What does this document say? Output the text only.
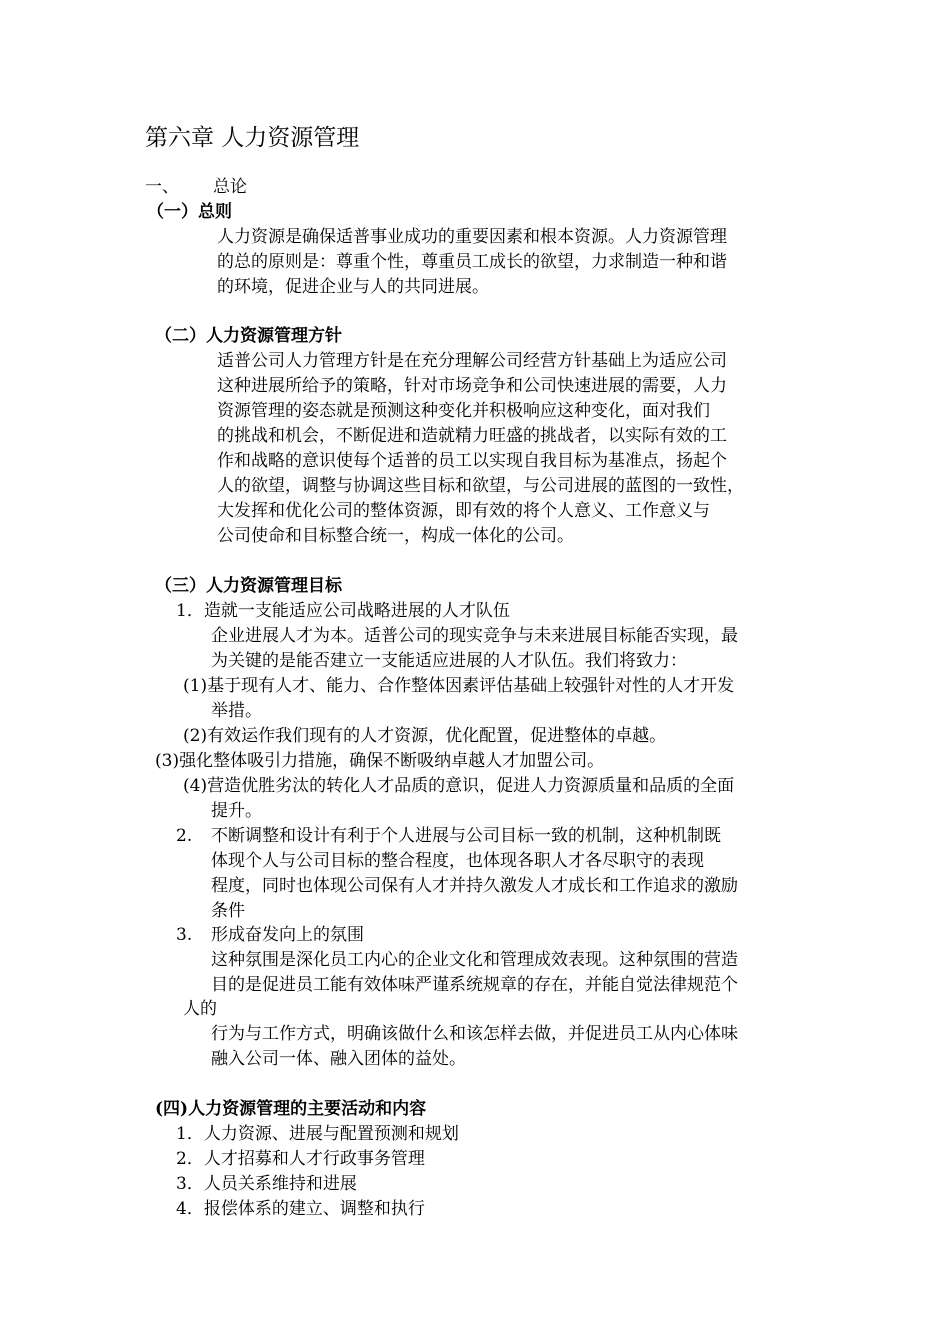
第六章 人力资源管理
一、 总论
（一）总则
人力资源是确保适普事业成功的重要因素和根本资源。人力资源管理
的总的原则是：尊重个性，尊重员工成长的欲望，力求制造一种和谐
的环境，促进企业与人的共同进展。
（二）人力资源管理方针
适普公司人力管理方针是在充分理解公司经营方针基础上为适应公司
这种进展所给予的策略，针对市场竞争和公司快速进展的需要，人力
资源管理的姿态就是预测这种变化并积极响应这种变化，面对我们
的挑战和机会，不断促进和造就精力旺盛的挑战者，以实际有效的工
作和战略的意识使每个适普的员工以实现自我目标为基准点，扬起个
人的欲望，调整与协调这些目标和欲望，与公司进展的蓝图的一致性，
大发挥和优化公司的整体资源，即有效的将个人意义、工作意义与
公司使命和目标整合统一，构成一体化的公司。
（三）人力资源管理目标
1．造就一支能适应公司战略进展的人才队伍
企业进展人才为本。适普公司的现实竞争与未来进展目标能否实现，最
为关键的是能否建立一支能适应进展的人才队伍。我们将致力：
(1)基于现有人才、能力、合作整体因素评估基础上较强针对性的人才开发
举措。
(2)有效运作我们现有的人才资源，优化配置，促进整体的卓越。
(3)强化整体吸引力措施，确保不断吸纳卓越人才加盟公司。
(4)营造优胜劣汰的转化人才品质的意识，促进人力资源质量和品质的全面
提升。
2. 不断调整和设计有利于个人进展与公司目标一致的机制，这种机制既
体现个人与公司目标的整合程度，也体现各职人才各尽职守的表现
程度，同时也体现公司保有人才并持久激发人才成长和工作追求的激励
条件
3. 形成奋发向上的氛围
这种氛围是深化员工内心的企业文化和管理成效表现。这种氛围的营造
目的是促进员工能有效体味严谨系统规章的存在，并能自觉法律规范个
人的
行为与工作方式，明确该做什么和该怎样去做，并促进员工从内心体味
融入公司一体、融入团体的益处。
(四)人力资源管理的主要活动和内容
1．人力资源、进展与配置预测和规划
2．人才招募和人才行政事务管理
3．人员关系维持和进展
4．报偿体系的建立、调整和执行
